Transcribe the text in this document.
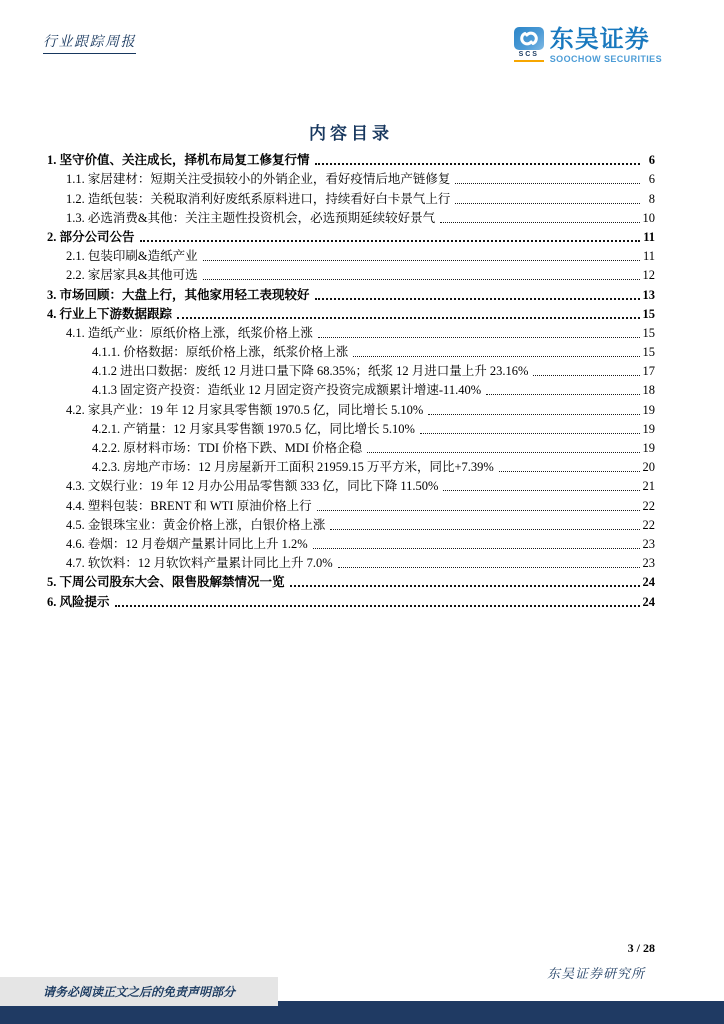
行业跟踪周报
SCS
东吴证券
SOOCHOW SECURITIES
内容目录
1. 坚守价值、关注成长，择机布局复工修复行情	6
1.1. 家居建材：短期关注受损较小的外销企业，看好疫情后地产链修复	6
1.2. 造纸包装：关税取消利好废纸系原料进口，持续看好白卡景气上行	8
1.3. 必选消费&其他：关注主题性投资机会，必选预期延续较好景气	10
2. 部分公司公告	11
2.1. 包装印刷&造纸产业	11
2.2. 家居家具&其他可选	12
3. 市场回顾：大盘上行，其他家用轻工表现较好	13
4. 行业上下游数据跟踪	15
4.1. 造纸产业：原纸价格上涨，纸浆价格上涨	15
4.1.1. 价格数据：原纸价格上涨，纸浆价格上涨	15
4.1.2 进出口数据：废纸 12 月进口量下降 68.35%；纸浆 12 月进口量上升 23.16%	17
4.1.3 固定资产投资：造纸业 12 月固定资产投资完成额累计增速-11.40%	18
4.2. 家具产业：19 年 12 月家具零售额 1970.5 亿，同比增长 5.10%	19
4.2.1. 产销量：12 月家具零售额 1970.5 亿，同比增长 5.10%	19
4.2.2. 原材料市场：TDI 价格下跌、MDI 价格企稳	19
4.2.3. 房地产市场：12 月房屋新开工面积 21959.15 万平方米，同比+7.39%	20
4.3. 文娱行业：19 年 12 月办公用品零售额 333 亿，同比下降 11.50%	21
4.4. 塑料包装：BRENT 和 WTI 原油价格上行	22
4.5. 金银珠宝业：黄金价格上涨，白银价格上涨	22
4.6. 卷烟：12 月卷烟产量累计同比上升 1.2%	23
4.7. 软饮料：12 月软饮料产量累计同比上升 7.0%	23
5. 下周公司股东大会、限售股解禁情况一览	24
6. 风险提示	24
3 / 28
东吴证券研究所
请务必阅读正文之后的免责声明部分
